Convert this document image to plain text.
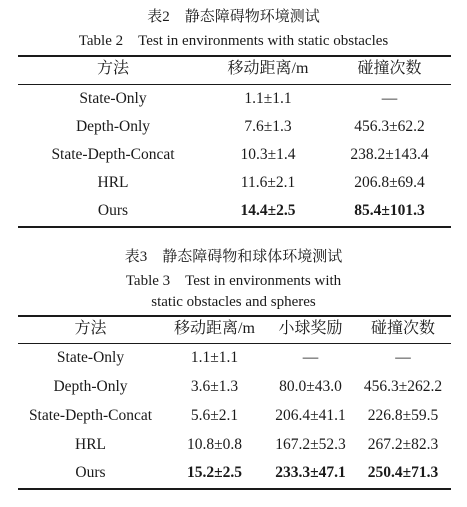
表2　静态障碍物环境测试
Table 2　Test in environments with static obstacles
方法	移动距离/m	碰撞次数
State-Only	1.1±1.1	—
Depth-Only	7.6±1.3	456.3±62.2
State-Depth-Concat	10.3±1.4	238.2±143.4
HRL	11.6±2.1	206.8±69.4
Ours	14.4±2.5	85.4±101.3
表3　静态障碍物和球体环境测试
Table 3　Test in environments with
static obstacles and spheres
方法	移动距离/m	小球奖励	碰撞次数
State-Only	1.1±1.1	—	—
Depth-Only	3.6±1.3	80.0±43.0	456.3±262.2
State-Depth-Concat	5.6±2.1	206.4±41.1	226.8±59.5
HRL	10.8±0.8	167.2±52.3	267.2±82.3
Ours	15.2±2.5	233.3±47.1	250.4±71.3
